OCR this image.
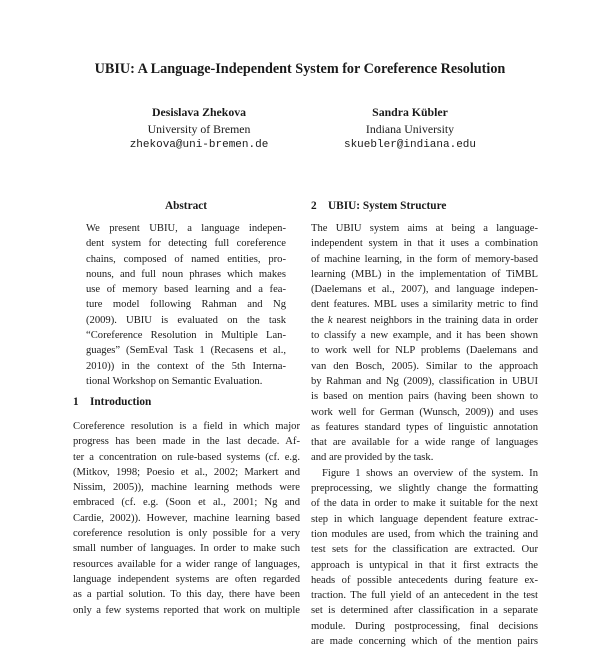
UBIU: A Language-Independent System for Coreference Resolution
Desislava Zhekova
University of Bremen
zhekova@uni-bremen.de
Sandra Kübler
Indiana University
skuebler@indiana.edu
Abstract
We present UBIU, a language indepen-
dent system for detecting full coreference
chains, composed of named entities, pro-
nouns, and full noun phrases which makes
use of memory based learning and a fea-
ture model following Rahman and Ng
(2009). UBIU is evaluated on the task
“Coreference Resolution in Multiple Lan-
guages” (SemEval Task 1 (Recasens et al.,
2010)) in the context of the 5th Interna-
tional Workshop on Semantic Evaluation.
1 Introduction
Coreference resolution is a field in which major
progress has been made in the last decade. Af-
ter a concentration on rule-based systems (cf. e.g.
(Mitkov, 1998; Poesio et al., 2002; Markert and
Nissim, 2005)), machine learning methods were
embraced (cf. e.g. (Soon et al., 2001; Ng and
Cardie, 2002)). However, machine learning based
coreference resolution is only possible for a very
small number of languages. In order to make such
resources available for a wider range of languages,
language independent systems are often regarded
as a partial solution. To this day, there have been
only a few systems reported that work on multiple
2 UBIU: System Structure
The UBIU system aims at being a language-
independent system in that it uses a combination
of machine learning, in the form of memory-based
learning (MBL) in the implementation of TiMBL
(Daelemans et al., 2007), and language indepen-
dent features. MBL uses a similarity metric to find
the k nearest neighbors in the training data in order
to classify a new example, and it has been shown
to work well for NLP problems (Daelemans and
van den Bosch, 2005). Similar to the approach
by Rahman and Ng (2009), classification in UBUI
is based on mention pairs (having been shown to
work well for German (Wunsch, 2009)) and uses
as features standard types of linguistic annotation
that are available for a wide range of languages
and are provided by the task.
Figure 1 shows an overview of the system. In
preprocessing, we slightly change the formatting
of the data in order to make it suitable for the next
step in which language dependent feature extrac-
tion modules are used, from which the training and
test sets for the classification are extracted. Our
approach is untypical in that it first extracts the
heads of possible antecedents during feature ex-
traction. The full yield of an antecedent in the test
set is determined after classification in a separate
module. During postprocessing, final decisions
are made concerning which of the mention pairs
